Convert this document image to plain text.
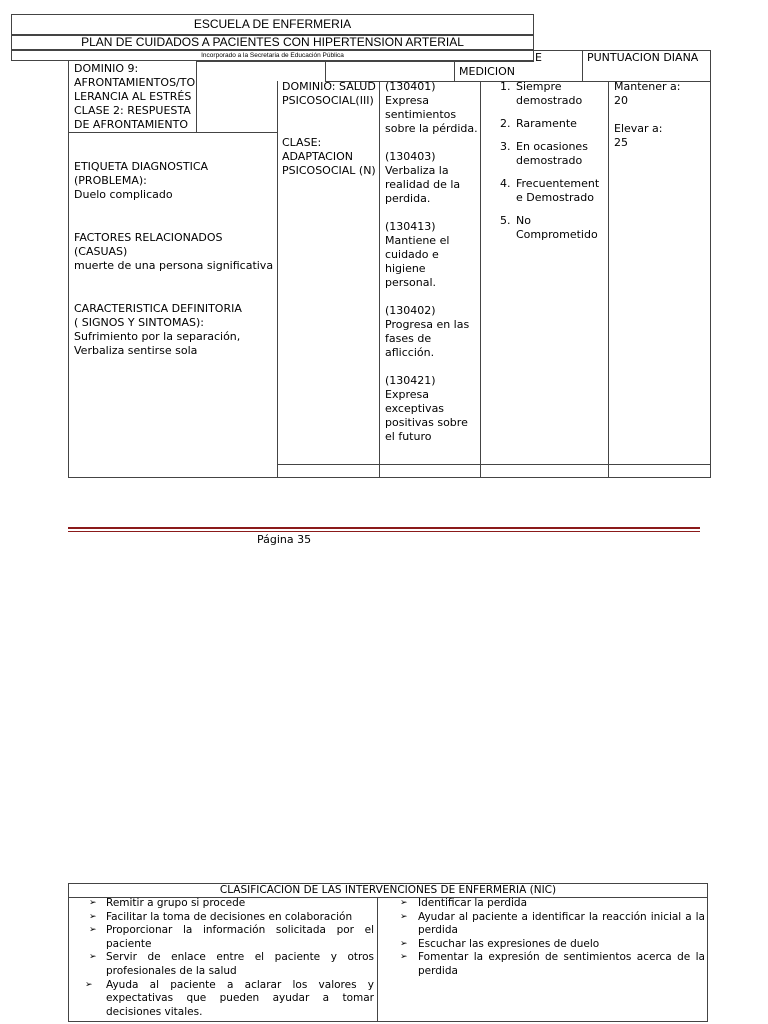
ESCUELA DE ENFERMERIA
PLAN DE CUIDADOS A PACIENTES CON HIPERTENSION ARTERIAL
Incorporado a la Secretaria de Educación Pública	E	PUNTUACION DIANA
MEDICION
DOMINIO 9:
AFRONTAMIENTOS/TO
LERANCIA AL ESTRÉS
CLASE 2: RESPUESTA
DE AFRONTAMIENTO
ETIQUETA DIAGNOSTICA
(PROBLEMA):
Duelo complicado
FACTORES RELACIONADOS
(CASUAS)
muerte de una persona significativa
CARACTERISTICA DEFINITORIA
( SIGNOS Y SINTOMAS):
Sufrimiento por la separación,
Verbaliza sentirse sola
DOMINIO: SALUD
PSICOSOCIAL(III)
CLASE:
ADAPTACION
PSICOSOCIAL (N)
(130401)
Expresa
sentimientos
sobre la pérdida.
(130403)
Verbaliza la
realidad de la
perdida.
(130413)
Mantiene el
cuidado e
higiene
personal.
(130402)
Progresa en las
fases de
aflicción.
(130421)
Expresa
exceptivas
positivas sobre
el futuro
1. Siempre
demostrado
2. Raramente
3. En ocasiones
demostrado
4. Frecuentement
e Demostrado
5. No
Comprometido
Mantener a:
20
Elevar a:
25
Página 35
CLASIFICACION DE LAS INTERVENCIONES DE ENFERMERIA (NIC)
➢ Remitir a grupo si procede
➢ Facilitar la toma de decisiones en colaboración
➢ Proporcionar la información solicitada por el paciente
➢ Servir de enlace entre el paciente y otros profesionales de la salud
➢ Ayuda al paciente a aclarar los valores y expectativas que pueden ayudar a tomar decisiones vitales.
➢ Identificar la perdida
➢ Ayudar al paciente a identificar la reacción inicial a la perdida
➢ Escuchar las expresiones de duelo
➢ Fomentar la expresión de sentimientos acerca de la perdida
